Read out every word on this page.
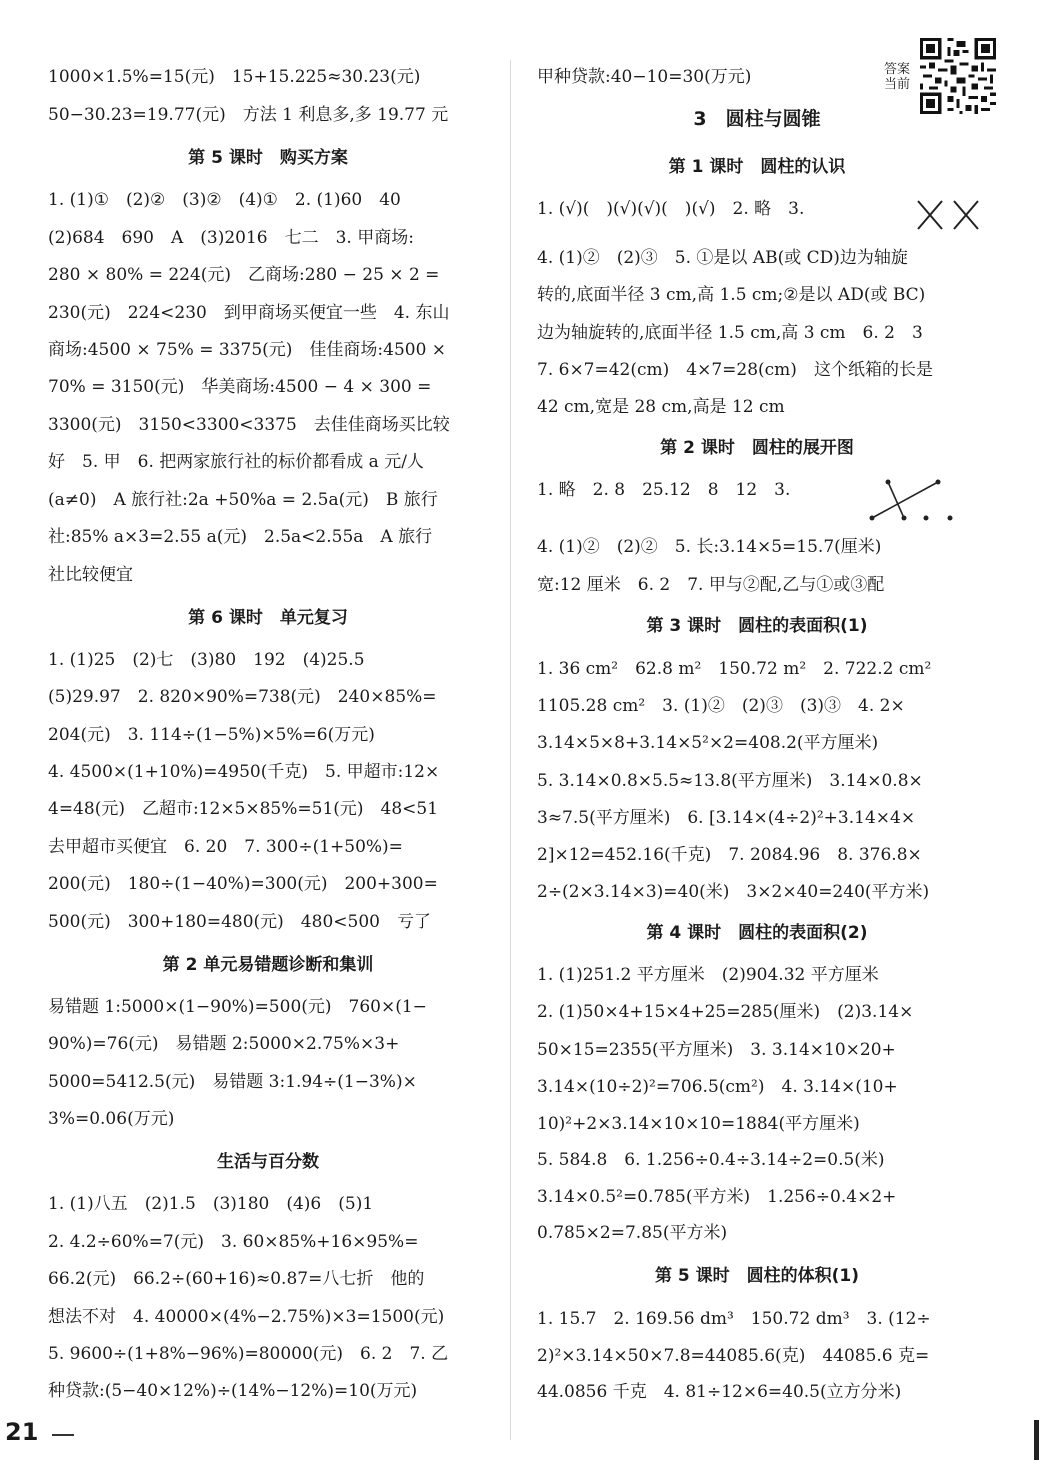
1000×1.5%=15(元)　15+15.225≈30.23(元)
50−30.23=19.77(元)　方法 1 利息多,多 19.77 元
第 5 课时　购买方案
1. (1)①　(2)②　(3)②　(4)①　2. (1)60　40
(2)684　690　A　(3)2016　七二　3. 甲商场:
280 × 80% = 224(元)　乙商场:280 − 25 × 2 =
230(元)　224<230　到甲商场买便宜一些　4. 东山
商场:4500 × 75% = 3375(元)　佳佳商场:4500 ×
70% = 3150(元)　华美商场:4500 − 4 × 300 =
3300(元)　3150<3300<3375　去佳佳商场买比较
好　5. 甲　6. 把两家旅行社的标价都看成 a 元/人
(a≠0)　A 旅行社:2a +50%a = 2.5a(元)　B 旅行
社:85% a×3=2.55 a(元)　2.5a<2.55a　A 旅行
社比较便宜
第 6 课时　单元复习
1. (1)25　(2)七　(3)80　192　(4)25.5
(5)29.97　2. 820×90%=738(元)　240×85%=
204(元)　3. 114÷(1−5%)×5%=6(万元)
4. 4500×(1+10%)=4950(千克)　5. 甲超市:12×
4=48(元)　乙超市:12×5×85%=51(元)　48<51
去甲超市买便宜　6. 20　7. 300÷(1+50%)=
200(元)　180÷(1−40%)=300(元)　200+300=
500(元)　300+180=480(元)　480<500　亏了
第 2 单元易错题诊断和集训
易错题 1:5000×(1−90%)=500(元)　760×(1−
90%)=76(元)　易错题 2:5000×2.75%×3+
5000=5412.5(元)　易错题 3:1.94÷(1−3%)×
3%=0.06(万元)
生活与百分数
1. (1)八五　(2)1.5　(3)180　(4)6　(5)1
2. 4.2÷60%=7(元)　3. 60×85%+16×95%=
66.2(元)　66.2÷(60+16)≈0.87=八七折　他的
想法不对　4. 40000×(4%−2.75%)×3=1500(元)
5. 9600÷(1+8%−96%)=80000(元)　6. 2　7. 乙
种贷款:(5−40×12%)÷(14%−12%)=10(万元)
甲种贷款:40−10=30(万元)
3　圆柱与圆锥
第 1 课时　圆柱的认识
1. (√)(　)(√)(√)(　)(√)　2. 略　3.
4. (1)②　(2)③　5. ①是以 AB(或 CD)边为轴旋
转的,底面半径 3 cm,高 1.5 cm;②是以 AD(或 BC)
边为轴旋转的,底面半径 1.5 cm,高 3 cm　6. 2　3
7. 6×7=42(cm)　4×7=28(cm)　这个纸箱的长是
42 cm,宽是 28 cm,高是 12 cm
第 2 课时　圆柱的展开图
1. 略　2. 8　25.12　8　12　3.
4. (1)②　(2)②　5. 长:3.14×5=15.7(厘米)
宽:12 厘米　6. 2　7. 甲与②配,乙与①或③配
第 3 课时　圆柱的表面积(1)
1. 36 cm²　62.8 m²　150.72 m²　2. 722.2 cm²
1105.28 cm²　3. (1)②　(2)③　(3)③　4. 2×
3.14×5×8+3.14×5²×2=408.2(平方厘米)
5. 3.14×0.8×5.5≈13.8(平方厘米)　3.14×0.8×
3≈7.5(平方厘米)　6. [3.14×(4÷2)²+3.14×4×
2]×12=452.16(千克)　7. 2084.96　8. 376.8×
2÷(2×3.14×3)=40(米)　3×2×40=240(平方米)
第 4 课时　圆柱的表面积(2)
1. (1)251.2 平方厘米　(2)904.32 平方厘米
2. (1)50×4+15×4+25=285(厘米)　(2)3.14×
50×15=2355(平方厘米)　3. 3.14×10×20+
3.14×(10÷2)²=706.5(cm²)　4. 3.14×(10+
10)²+2×3.14×10×10=1884(平方厘米)
5. 584.8　6. 1.256÷0.4÷3.14÷2=0.5(米)
3.14×0.5²=0.785(平方米)　1.256÷0.4×2+
0.785×2=7.85(平方米)
第 5 课时　圆柱的体积(1)
1. 15.7　2. 169.56 dm³　150.72 dm³　3. (12÷
2)²×3.14×50×7.8=44085.6(克)　44085.6 克=
44.0856 千克　4. 81÷12×6=40.5(立方分米)
答案当前
21
